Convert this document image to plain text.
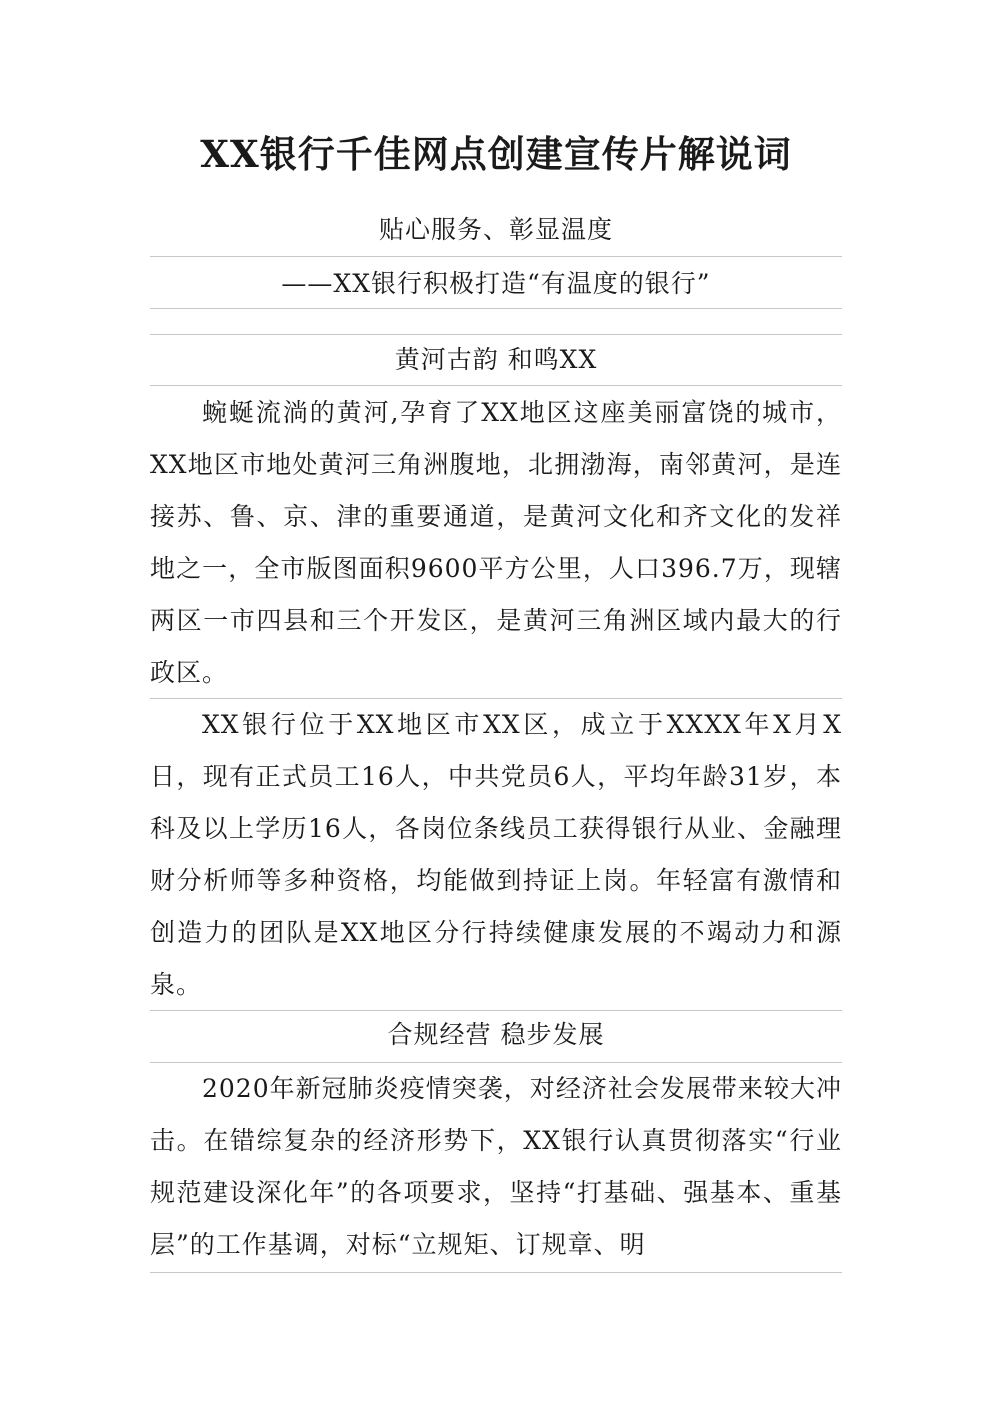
XX银行千佳网点创建宣传片解说词
贴心服务、彰显温度
——XX银行积极打造“有温度的银行”
黄河古韵 和鸣XX

蜿蜒流淌的黄河,孕育了XX地区这座美丽富饶的城市，XX地区市地处黄河三角洲腹地，北拥渤海，南邻黄河，是连接苏、鲁、京、津的重要通道，是黄河文化和齐文化的发祥地之一，全市版图面积9600平方公里，人口396.7万，现辖两区一市四县和三个开发区，是黄河三角洲区域内最大的行政区。

XX银行位于XX地区市XX区，成立于XXXX年X月X日，现有正式员工16人，中共党员6人，平均年龄31岁，本科及以上学历16人，各岗位条线员工获得银行从业、金融理财分析师等多种资格，均能做到持证上岗。年轻富有激情和创造力的团队是XX地区分行持续健康发展的不竭动力和源泉。

合规经营 稳步发展

2020年新冠肺炎疫情突袭，对经济社会发展带来较大冲击。在错综复杂的经济形势下，XX银行认真贯彻落实“行业规范建设深化年”的各项要求，坚持“打基础、强基本、重基层”的工作基调，对标“立规矩、订规章、明
